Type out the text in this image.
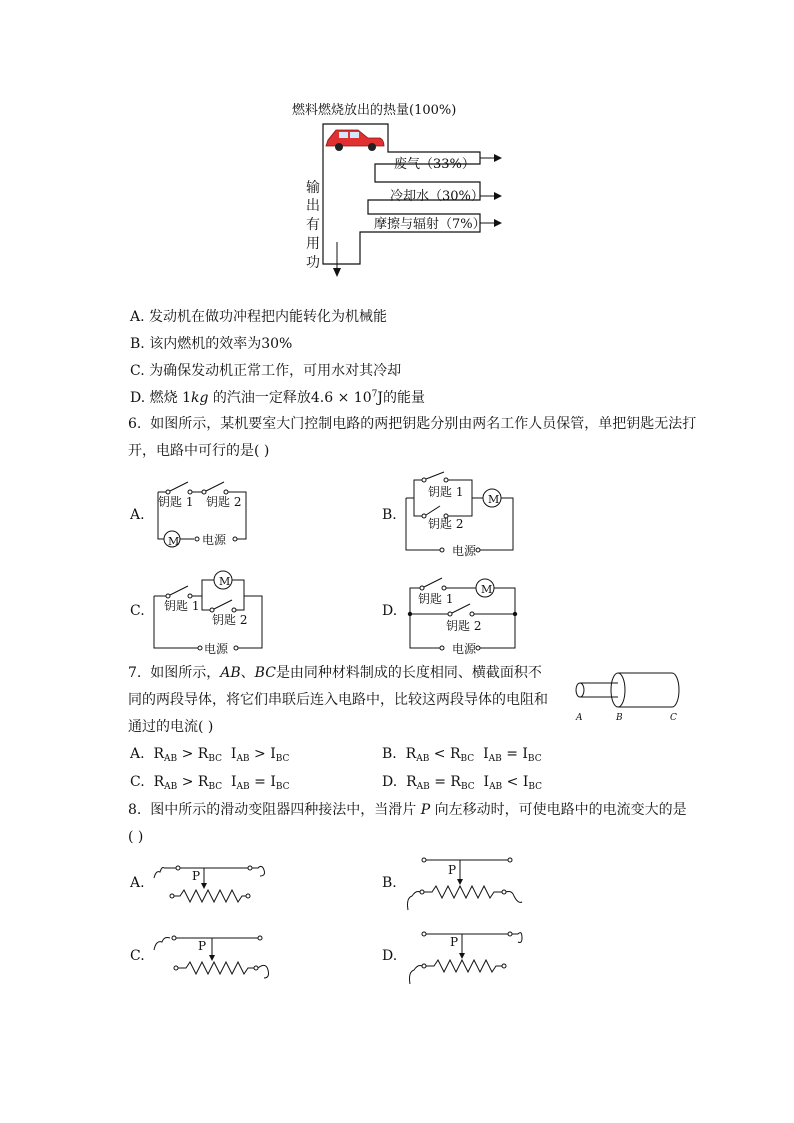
燃料燃烧放出的热量(100%)
废气（33%）
冷却水（30%）
摩擦与辐射（7%）
输
出
有
用
功
A. 发动机在做功冲程把内能转化为机械能
B. 该内燃机的效率为30%
C. 为确保发动机正常工作，可用水对其冷却
D. 燃烧 1kg 的汽油一定释放$4.6 \times 10^7J$的能量
6. 如图所示，某机要室大门控制电路的两把钥匙分别由两名工作人员保管，单把钥匙无法打
开，电路中可行的是( )
A.
M
钥匙 1 钥匙 2
电源
B.
M
钥匙 1
钥匙 2
电源
C.
M
钥匙 1
钥匙 2
电源
D.
M
钥匙 1
钥匙 2
电源
7. 如图所示，AB、BC是由同种材料制成的长度相同、横截面积不
同的两段导体，将它们串联后连入电路中，比较这两段导体的电阻和
通过的电流( )
A	B	C
A. $R_{AB} > R_{BC}$ $I_{AB} > I_{BC}$	B. $R_{AB} < R_{BC}$ $I_{AB} = I_{BC}$
C. $R_{AB} > R_{BC}$ $I_{AB} = I_{BC}$	D. $R_{AB} = R_{BC}$ $I_{AB} < I_{BC}$
8. 图中所示的滑动变阻器四种接法中，当滑片 P 向左移动时，可使电路中的电流变大的是
( )
A.	P	B.
P
C.
P
D.
P
